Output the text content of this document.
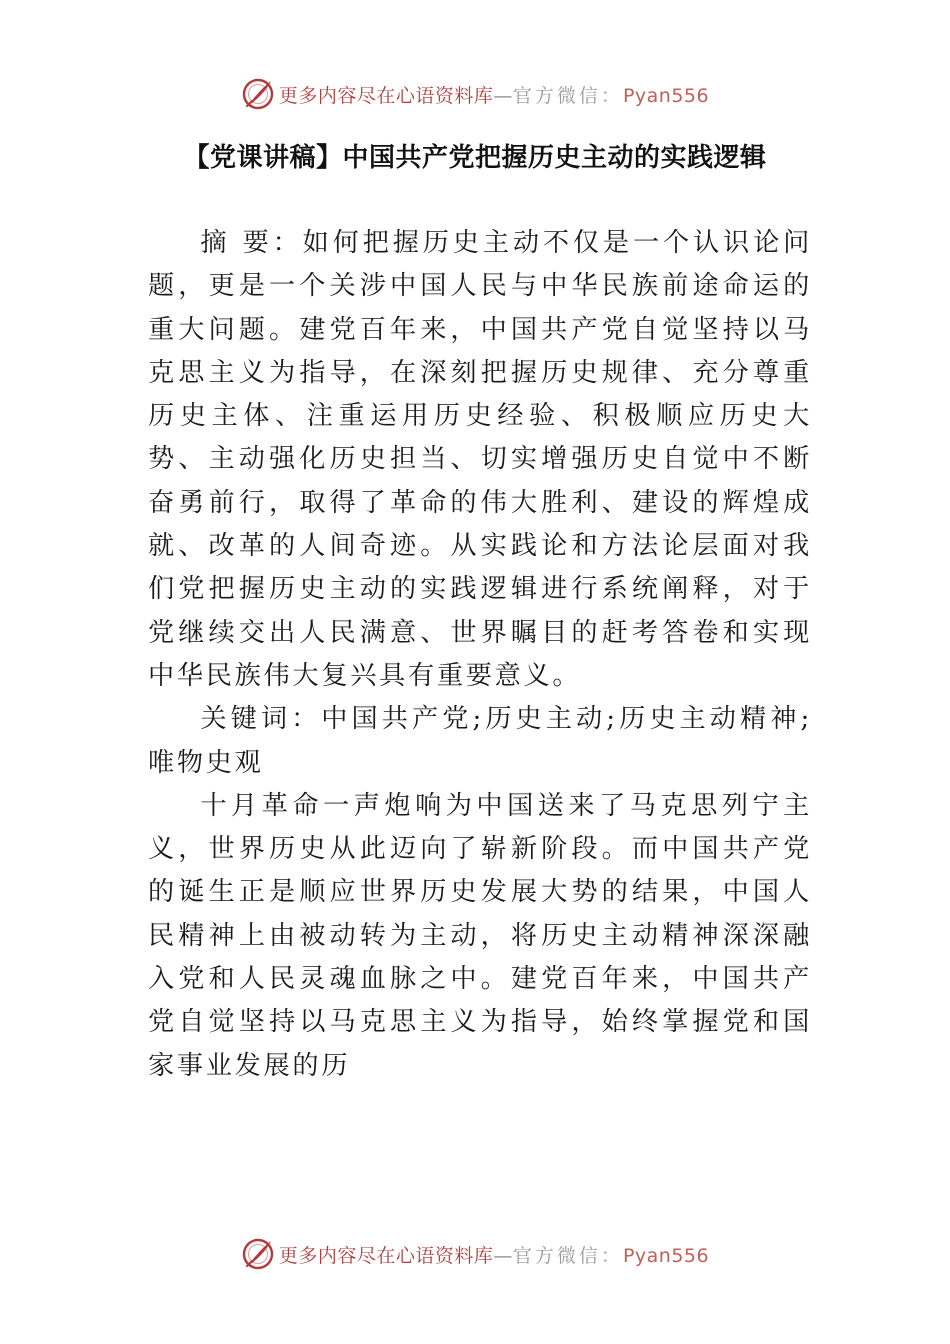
更多内容尽在心语资料库—官方微信：Pyan556
【党课讲稿】中国共产党把握历史主动的实践逻辑

摘 要：如何把握历史主动不仅是一个认识论问题，更是一个关涉中国人民与中华民族前途命运的重大问题。建党百年来，中国共产党自觉坚持以马克思主义为指导，在深刻把握历史规律、充分尊重历史主体、注重运用历史经验、积极顺应历史大势、主动强化历史担当、切实增强历史自觉中不断奋勇前行，取得了革命的伟大胜利、建设的辉煌成就、改革的人间奇迹。从实践论和方法论层面对我们党把握历史主动的实践逻辑进行系统阐释，对于党继续交出人民满意、世界瞩目的赶考答卷和实现中华民族伟大复兴具有重要意义。

关键词：中国共产党;历史主动;历史主动精神;唯物史观

十月革命一声炮响为中国送来了马克思列宁主义，世界历史从此迈向了崭新阶段。而中国共产党的诞生正是顺应世界历史发展大势的结果，中国人民精神上由被动转为主动，将历史主动精神深深融入党和人民灵魂血脉之中。建党百年来，中国共产党自觉坚持以马克思主义为指导，始终掌握党和国家事业发展的历

更多内容尽在心语资料库—官方微信：Pyan556
